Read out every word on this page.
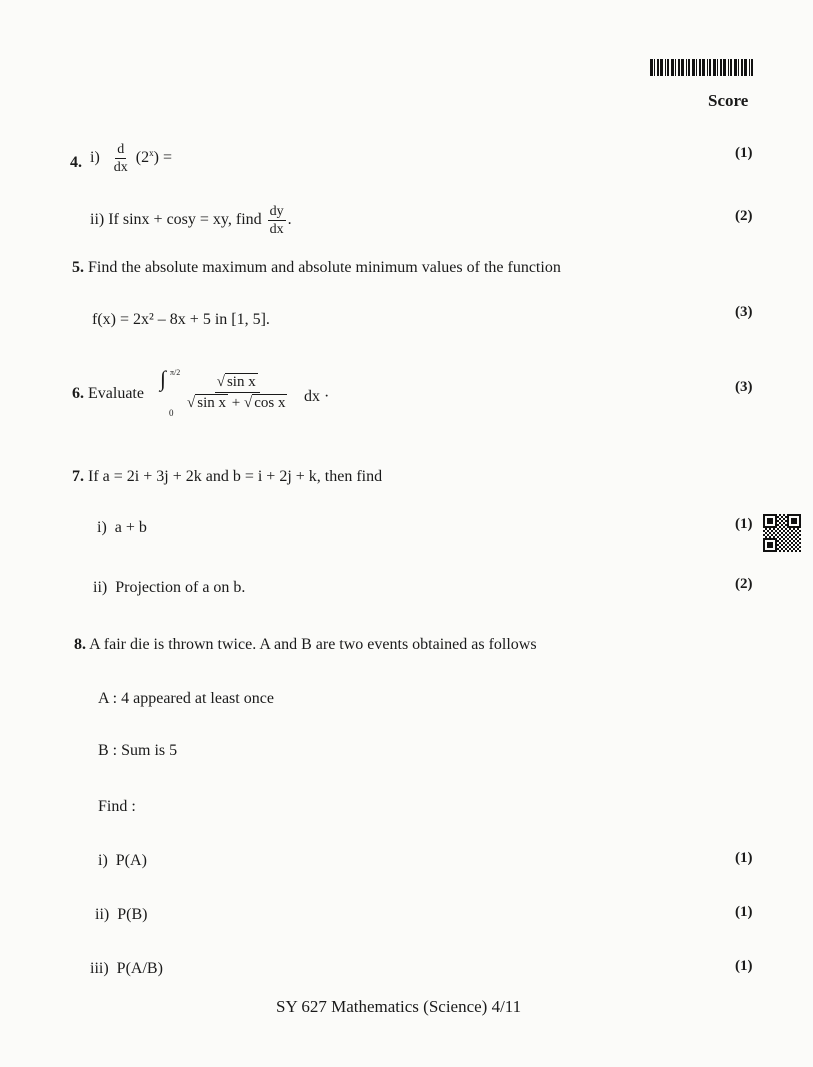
Score
4. $i) \frac{d}{dx} (2^x)$ =	(1)
ii) If sinx + cosy = xy, find $\frac{dy}{dx}$ .	(2)
5. Find the absolute maximum and absolute minimum values of the function
f(x) = 2x² – 8x + 5 in [1, 5].	(3)
6. Evaluate
∫ π/2
$0 \frac{\text{√ sin x}}{\text{√ sin x + √ cos x}}$ dx ·
(3)
7. If a = 2i + 3j + 2k and b = i + 2j + k, then find
i) a + b	(1)
ii) Projection of a on b.	(2)
8. A fair die is thrown twice. A and B are two events obtained as follows
A : 4 appeared at least once
B : Sum is 5
Find :
i) P(A)	(1)
ii) P(B)	(1)
iii) P(A/B)	(1)
SY 627 Mathematics (Science) 4/11
